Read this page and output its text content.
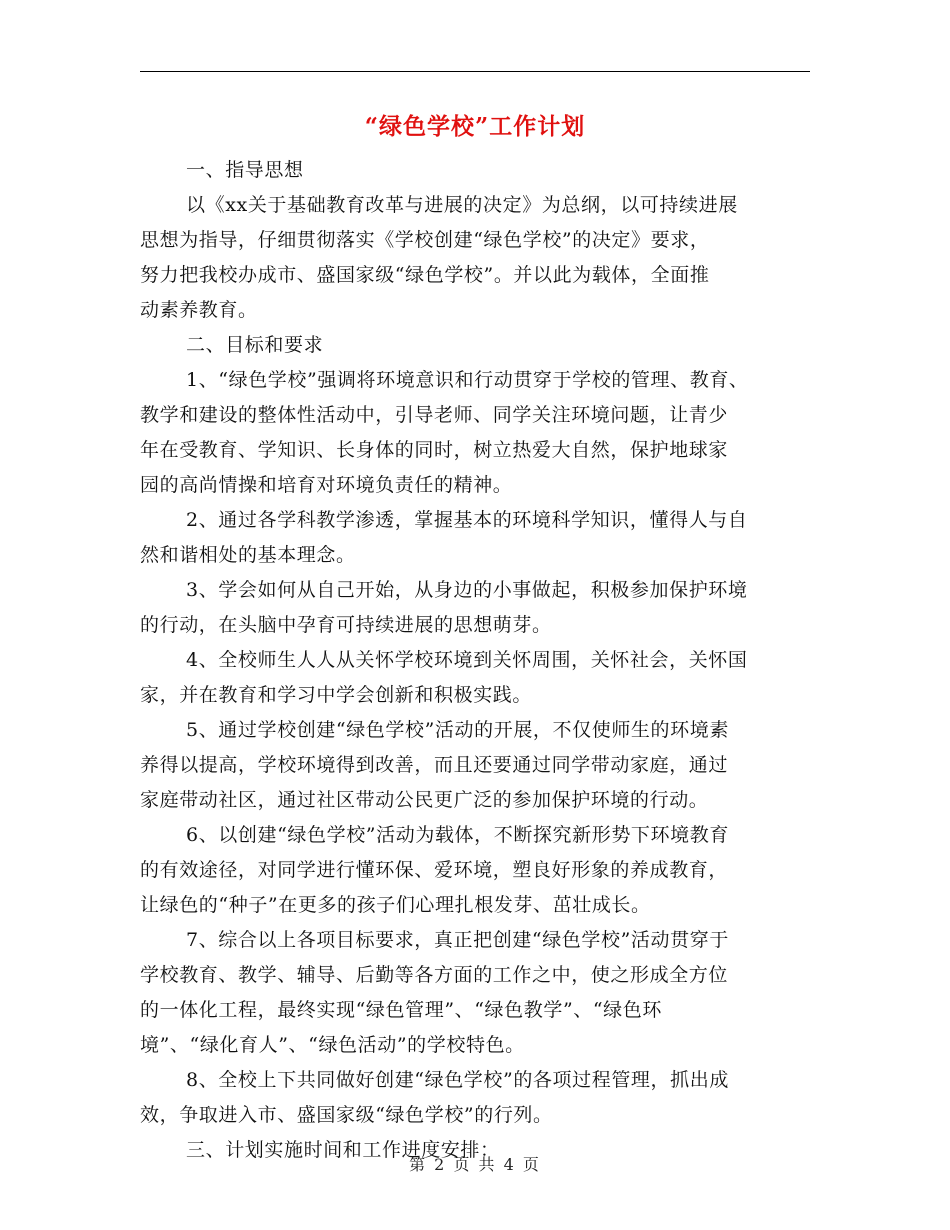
“绿色学校”工作计划
一、指导思想
以《xx关于基础教育改革与进展的决定》为总纲，以可持续进展
思想为指导，仔细贯彻落实《学校创建“绿色学校”的决定》要求，
努力把我校办成市、盛国家级“绿色学校”。并以此为载体，全面推
动素养教育。
二、目标和要求
1、“绿色学校”强调将环境意识和行动贯穿于学校的管理、教育、
教学和建设的整体性活动中，引导老师、同学关注环境问题，让青少
年在受教育、学知识、长身体的同时，树立热爱大自然，保护地球家
园的高尚情操和培育对环境负责任的精神。
2、通过各学科教学渗透，掌握基本的环境科学知识，懂得人与自
然和谐相处的基本理念。
3、学会如何从自己开始，从身边的小事做起，积极参加保护环境
的行动，在头脑中孕育可持续进展的思想萌芽。
4、全校师生人人从关怀学校环境到关怀周围，关怀社会，关怀国
家，并在教育和学习中学会创新和积极实践。
5、通过学校创建“绿色学校”活动的开展，不仅使师生的环境素
养得以提高，学校环境得到改善，而且还要通过同学带动家庭，通过
家庭带动社区，通过社区带动公民更广泛的参加保护环境的行动。
6、以创建“绿色学校”活动为载体，不断探究新形势下环境教育
的有效途径，对同学进行懂环保、爱环境，塑良好形象的养成教育，
让绿色的“种子”在更多的孩子们心理扎根发芽、茁壮成长。
7、综合以上各项目标要求，真正把创建“绿色学校”活动贯穿于
学校教育、教学、辅导、后勤等各方面的工作之中，使之形成全方位
的一体化工程，最终实现“绿色管理”、“绿色教学”、“绿色环
境”、“绿化育人”、“绿色活动”的学校特色。
8、全校上下共同做好创建“绿色学校”的各项过程管理，抓出成
效，争取进入市、盛国家级“绿色学校”的行列。
三、计划实施时间和工作进度安排：
第 2 页 共 4 页
